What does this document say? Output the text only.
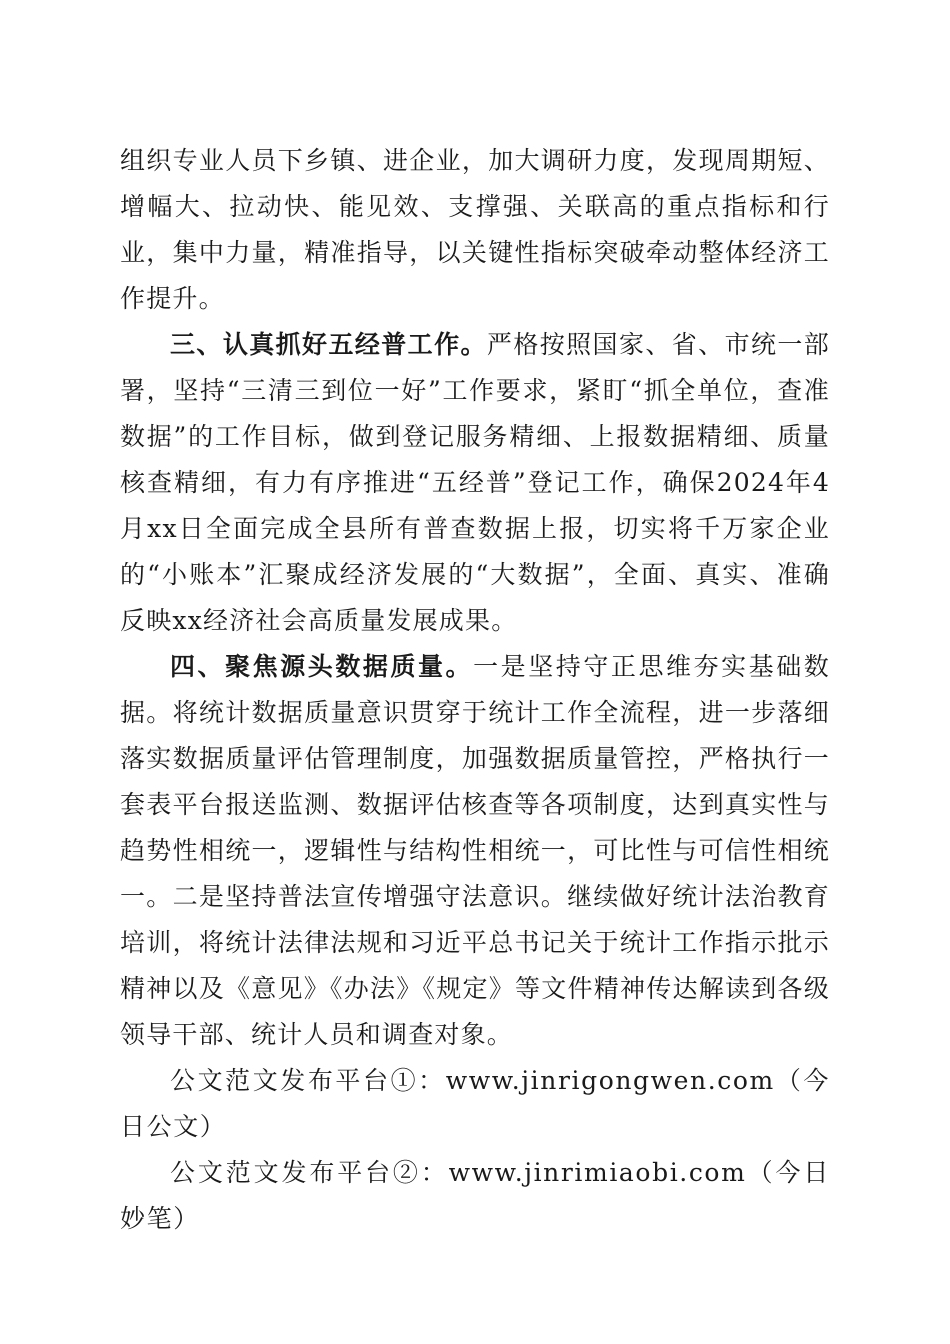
组织专业人员下乡镇、进企业，加大调研力度，发现周期短、增幅大、拉动快、能见效、支撑强、关联高的重点指标和行业，集中力量，精准指导，以关键性指标突破牵动整体经济工作提升。

三、认真抓好五经普工作。严格按照国家、省、市统一部署，坚持“三清三到位一好”工作要求，紧盯“抓全单位，查准数据”的工作目标，做到登记服务精细、上报数据精细、质量核查精细，有力有序推进“五经普”登记工作，确保2024年4月xx日全面完成全县所有普查数据上报，切实将千万家企业的“小账本”汇聚成经济发展的“大数据”，全面、真实、准确反映xx经济社会高质量发展成果。

四、聚焦源头数据质量。一是坚持守正思维夯实基础数据。将统计数据质量意识贯穿于统计工作全流程，进一步落细落实数据质量评估管理制度，加强数据质量管控，严格执行一套表平台报送监测、数据评估核查等各项制度，达到真实性与趋势性相统一，逻辑性与结构性相统一，可比性与可信性相统一。二是坚持普法宣传增强守法意识。继续做好统计法治教育培训，将统计法律法规和习近平总书记关于统计工作指示批示精神以及《意见》《办法》《规定》等文件精神传达解读到各级领导干部、统计人员和调查对象。

公文范文发布平台①：www.jinrigongwen.com（今日公文）

公文范文发布平台②：www.jinrimiaobi.com（今日妙笔）
